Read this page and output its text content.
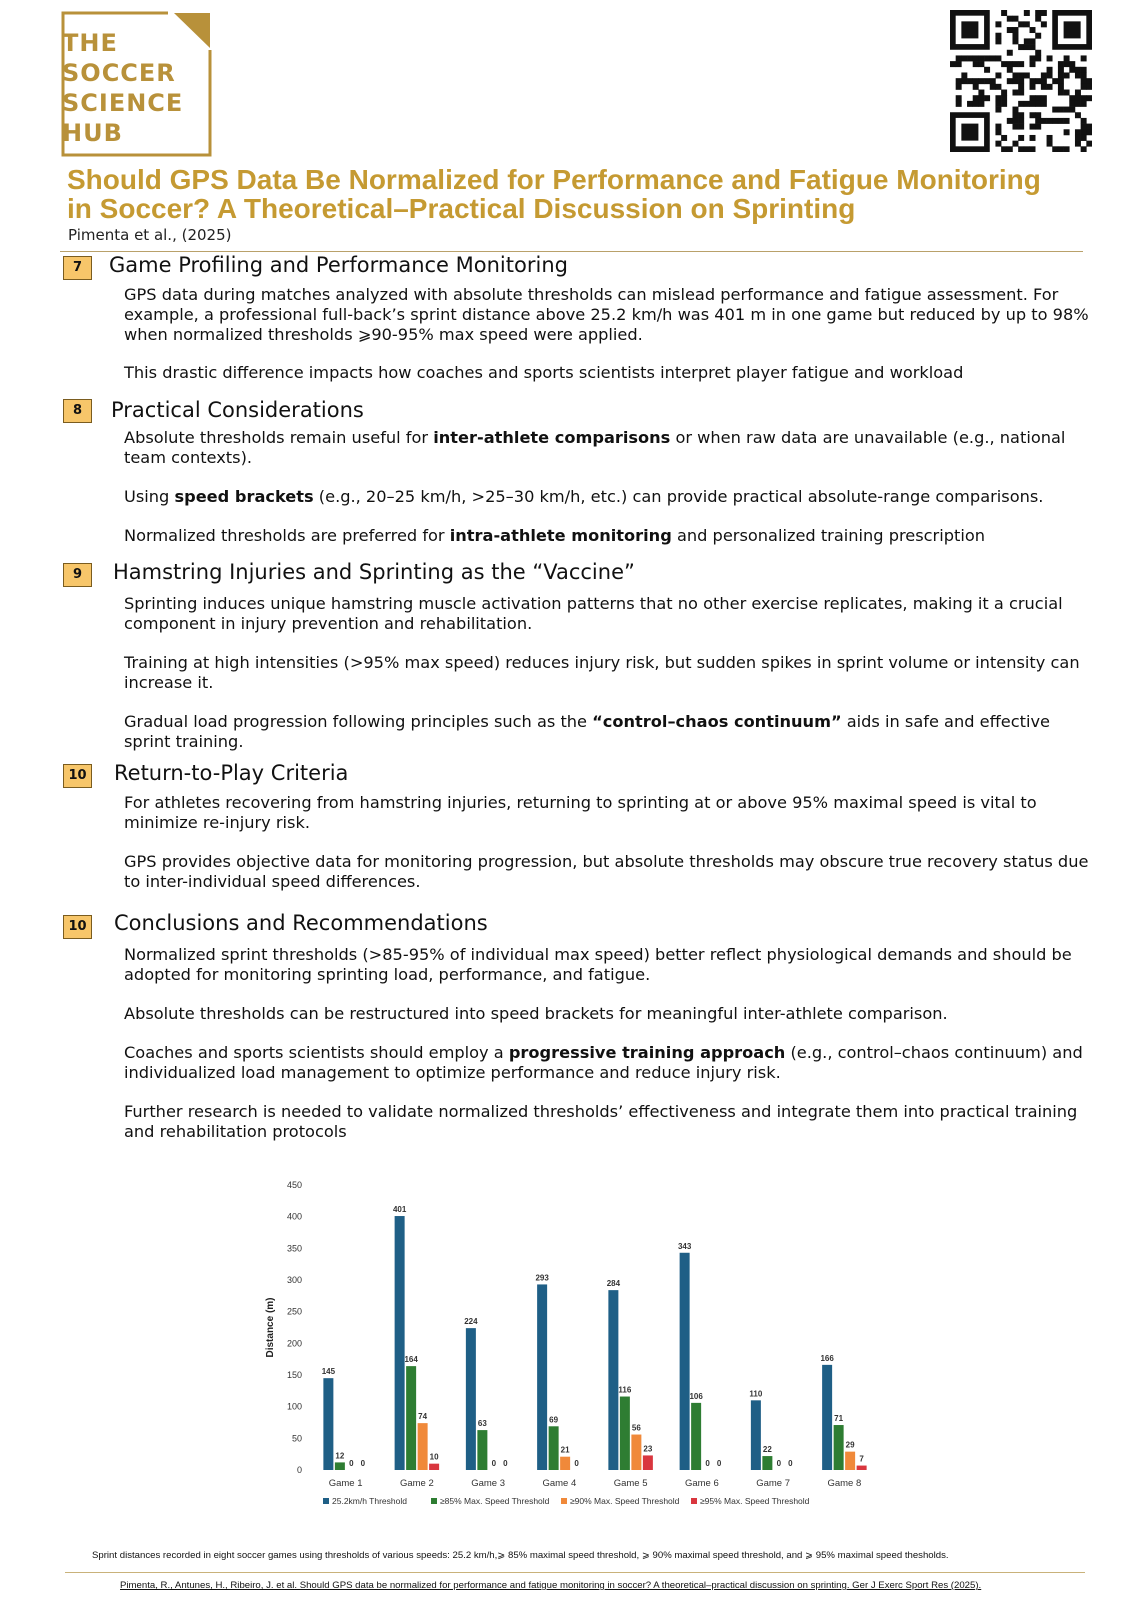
THE
SOCCER
SCIENCE
HUB
Should GPS Data Be Normalized for Performance and Fatigue Monitoring in Soccer? A Theoretical–Practical Discussion on Sprinting
Pimenta et al., (2025)
7	Game Profiling and Performance Monitoring
GPS data during matches analyzed with absolute thresholds can mislead performance and fatigue assessment. For example, a professional full-back’s sprint distance above 25.2 km/h was 401 m in one game but reduced by up to 98% when normalized thresholds ⩾90-95% max speed were applied.
This drastic difference impacts how coaches and sports scientists interpret player fatigue and workload
8	Practical Considerations
Absolute thresholds remain useful for inter-athlete comparisons or when raw data are unavailable (e.g., national team contexts).
Using speed brackets (e.g., 20–25 km/h, >25–30 km/h, etc.) can provide practical absolute-range comparisons.
Normalized thresholds are preferred for intra-athlete monitoring and personalized training prescription
9	Hamstring Injuries and Sprinting as the “Vaccine”
Sprinting induces unique hamstring muscle activation patterns that no other exercise replicates, making it a crucial component in injury prevention and rehabilitation.
Training at high intensities (>95% max speed) reduces injury risk, but sudden spikes in sprint volume or intensity can increase it.
Gradual load progression following principles such as the “control–chaos continuum” aids in safe and effective sprint training.
10 Return-to-Play Criteria
For athletes recovering from hamstring injuries, returning to sprinting at or above 95% maximal speed is vital to minimize re-injury risk.
GPS provides objective data for monitoring progression, but absolute thresholds may obscure true recovery status due to inter-individual speed differences.
10 Conclusions and Recommendations
Normalized sprint thresholds (>85-95% of individual max speed) better reflect physiological demands and should be adopted for monitoring sprinting load, performance, and fatigue.
Absolute thresholds can be restructured into speed brackets for meaningful inter-athlete comparison.
Coaches and sports scientists should employ a progressive training approach (e.g., control–chaos continuum) and individualized load management to optimize performance and reduce injury risk.
Further research is needed to validate normalized thresholds’ effectiveness and integrate them into practical training and rehabilitation protocols
0
50
100
150
200
250
300
350
400
450
Distance (m)
145
12
0 0
Game 1
401
164
74
10
Game 2
224
63
0 0
Game 3
293
69
21
0
Game 4
284
116
56
23
Game 5
343
106
0 0
Game 6
110
22
0 0
Game 7
166
71
29
7
Game 8
25.2km/h Threshold	≥85% Max. Speed Threshold ≥90% Max. Speed Threshold ≥95% Max. Speed Threshold
Sprint distances recorded in eight soccer games using thresholds of various speeds: 25.2 km/h,⩾ 85% maximal speed threshold, ⩾ 90% maximal speed threshold, and ⩾ 95% maximal speed thesholds.
Pimenta, R., Antunes, H., Ribeiro, J. et al. Should GPS data be normalized for performance and fatigue monitoring in soccer? A theoretical–practical discussion on sprinting. Ger J Exerc Sport Res (2025).
